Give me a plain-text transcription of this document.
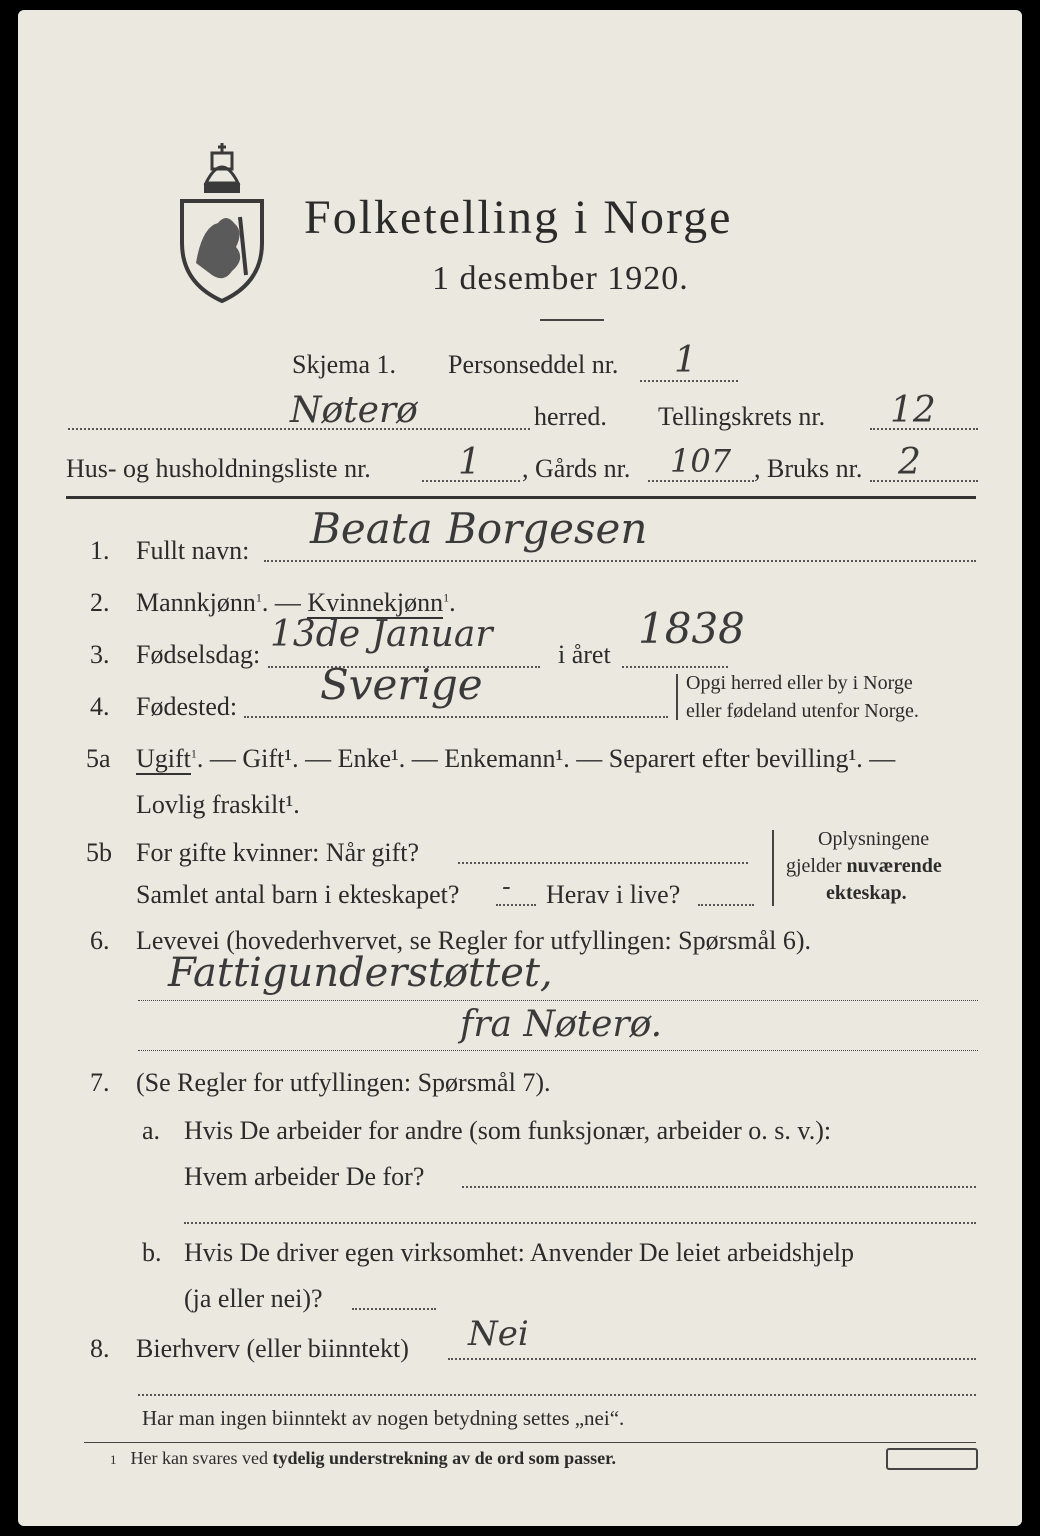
Folketelling i Norge
1 desember 1920.
Skjema 1. Personseddel nr. 1
Nøterø	herred. Tellingskrets nr. 12
Hus- og husholdningsliste nr. 1 , Gårds nr. 107 , Bruks nr. 2
1. Fullt navn: Beata Borgesen
2. Mannkjønn$^1$. — Kvinnekjønn$^1$.
3. Fødselsdag: 13de Januar	i året
1838
4. Fødested: Sverige	Opgi herred eller by i Norge
eller fødeland utenfor Norge.
5a Ugift$^1$. — Gift¹. — Enke¹. — Enkemann¹. — Separert efter bevilling¹. —
Lovlig fraskilt¹.
5b For gifte kvinner: Når gift?
Samlet antal barn i ekteskapet? - Herav i live?
Oplysningene
gjelder nuværende
ekteskap.
6. Levevei (hovederhvervet, se Regler for utfyllingen: Spørsmål 6).
Fattigunderstøttet,
fra Nøterø.
7. (Se Regler for utfyllingen: Spørsmål 7).
a. Hvis De arbeider for andre (som funksjonær, arbeider o. s. v.):
Hvem arbeider De for?
b. Hvis De driver egen virksomhet: Anvender De leiet arbeidshjelp
(ja eller nei)?
8. Bierhverv (eller biinntekt) Nei
Har man ingen biinntekt av nogen betydning settes „nei“.
1 Her kan svares ved tydelig understrekning av de ord som passer.
